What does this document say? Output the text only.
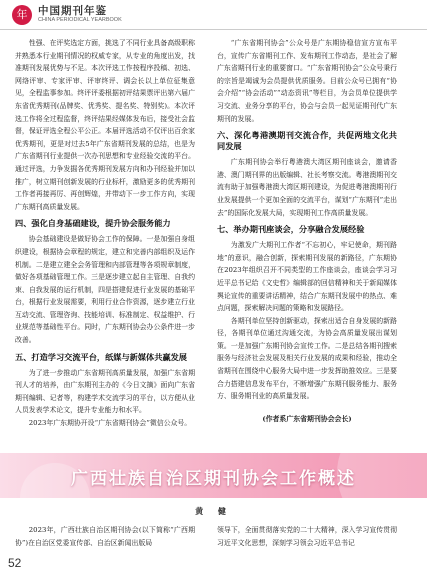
年	中国期刊年鉴
CHINA PERIODICAL YEARBOOK

性强、在评奖选定方面，挑选了不同行业具备高级职称并熟悉本行业期刊情况的权威专家，从专业的角度出发，找准期刊发展优势与不足。本次评选工作按程序投稿、初选、网络评审、专家评审、评审终评、调会长以上单位征集意见，全程监事参加。终评评委根据初评结果票评出第六届广东省优秀期刊(品牌奖、优秀奖、提名奖、特别奖)。本次评选工作将全过程监督，终评结果经媒体发布后，接受社会监督，保证评选全程公平公正。本届评选活动不仅评出百余家优秀期刊，更是对过去5年广东省期刊发展的总结，也是为广东省期刊行业提供一次办刊思想和专业经验交流的平台。通过评选，力争发掘各优秀期刊发展方向和办刊经验并加以推广，树立期刊创新发展的行业标杆，激励更多的优秀期刊工作者再接再厉、再创辉煌，并带动下一步工作方向，实现广东期刊高质量发展。

四、强化自身基础建设，提升协会服务能力

协会基础建设是做好协会工作的保障。一是加强自身组织建设，根据协会章程的规定，建立和完善内部组织及运作机制。二是建立建全会务管理和内部管理等各项规章制度，做好各项基础管理工作。三是逐步建立起自主管理、自我约束、自我发展的运行机制，四是搭建促进行业发展的基础平台，根据行业发展需要，利用行业合作资源，逐步建立行业互动交流、管理咨询、技能培训、标准制定、权益维护、行业规范等基础性平台。同时，广东期刊协会办公条件进一步改善。

五、打造学习交流平台，纸媒与新媒体共赢发展

为了进一步推动广东省期刊高质量发展，加强广东省期刊人才的培养，由广东期刊主办的《今日文摘》面向广东省期刊编辑、记者等，构建学术交流学习的平台，以方便从业人员发表学术论文，提升专业能力和水平。

2023年广东期协开设“广东省期刊协会”微信公众号。

“广东省期刊协会”公众号是广东期协稳信宣方宣布平台，宣传广东省期刊工作、发布期刊工作动态，是社会了解广东省期刊行业的重要窗口。“广东省期刊协会”公众号秉行的宗旨是竭诚为会员提供优质服务。目前公众号已拥有“协会介绍”“协会活动”“动态资讯”等栏目，为会员单位提供学习交流、业务分享的平台，协会与会员一起见证期刊代广东期刊的发展。

六、深化粤港澳期刊交流合作，共促两地文化共同发展

广东期刊协会举行粤港澳大湾区期刊座谈会，邀请香港、澳门期刊界的出版编辑、社长考察交流。粤港澳期刊交流有助于加强粤港澳大湾区期刊建设，为促进粤港澳期刊行业发展提供一个更加全面的交流平台，谋划“广东期刊”走出去”的国际化发展大局，实现期刊工作高质量发展。

七、举办期刊座谈会，分享融合发展经验

为激发广大期刊工作者“不忘初心，牢记使命，期刊路地”的意识，融合创新，探索期刊发展的新路径，广东期协在2023年组织召开不同类型的工作座谈会，座谈会学习习近平总书记给《文史哲》编辑部的回信精神和关于新闻媒体舆论宣传的重要讲话精神，结合广东期刊发展中的热点、难点问题，探索解决问题的策略和发展路径。

各期刊单位坚持创新驱动，探索出适合自身发展的新路径，各期刊单位通过沟通交流，为协会高质量发展出谋划策。一是加强广东期刊协会宣传工作。二是总结各期刊搜索服务与经济社会发展及相关行业发展的成果和经验，推动全省期刊在围绕中心服务大局中进一步发挥助推效应。三是要合力搭建信息发布平台，不断增强广东期刊服务能力、服务方、服务期刊业的高质量发展。

(作者系广东省期刊协会会长)

广西壮族自治区期刊协会工作概述
黄 健

2023年，广西壮族自治区期刊协会(以下简称“广西期协”)在自治区党委宣传部、自治区新闻出版局

领导下，全面贯彻落实党的二十大精神，深入学习宣传贯彻习近平文化思想，深刻学习领会习近平总书记

52
